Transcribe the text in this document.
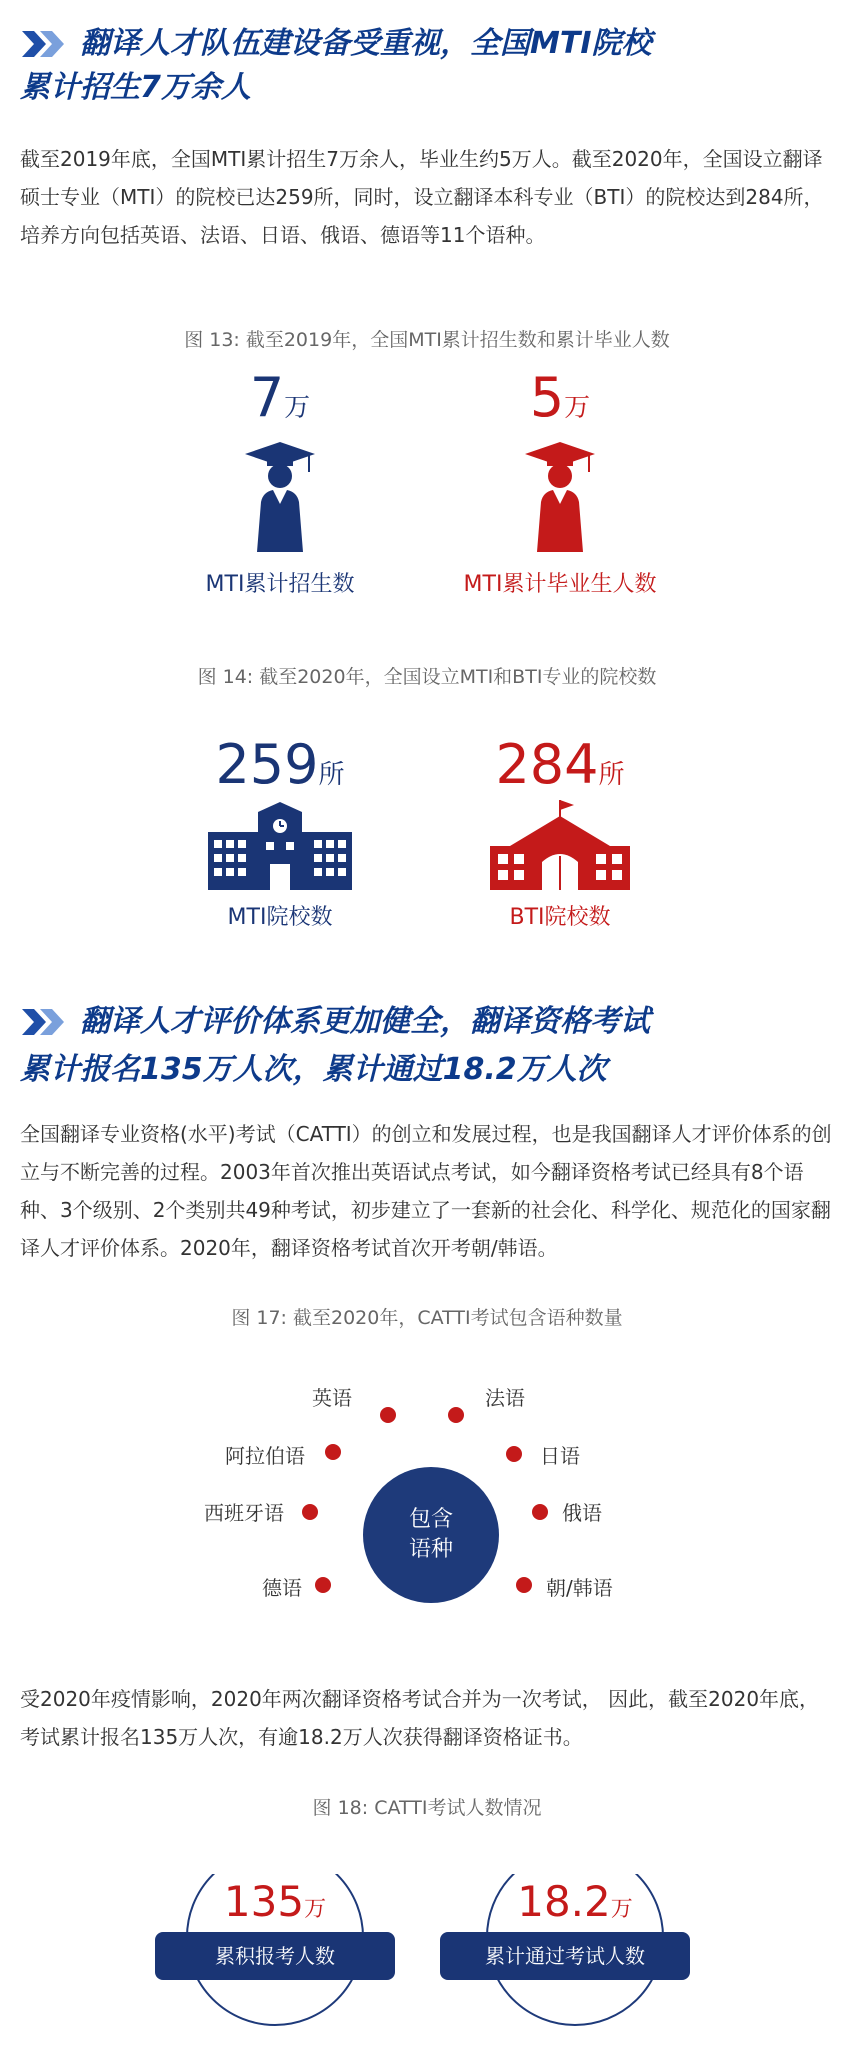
翻译人才队伍建设备受重视，全国MTI院校
累计招生7万余人
截至2019年底，全国MTI累计招生7万余人，毕业生约5万人。截至2020年，全国设立翻译硕士专业（MTI）的院校已达259所，同时，设立翻译本科专业（BTI）的院校达到284所，培养方向包括英语、法语、日语、俄语、德语等11个语种。
图 13: 截至2019年，全国MTI累计招生数和累计毕业人数
7万	5万
MTI累计招生数	MTI累计毕业生人数
图 14: 截至2020年，全国设立MTI和BTI专业的院校数
259所	284所
MTI院校数	BTI院校数
翻译人才评价体系更加健全，翻译资格考试
累计报名135万人次，累计通过18.2万人次
全国翻译专业资格(水平)考试（CATTI）的创立和发展过程，也是我国翻译人才评价体系的创立与不断完善的过程。2003年首次推出英语试点考试，如今翻译资格考试已经具有8个语种、3个级别、2个类别共49种考试，初步建立了一套新的社会化、科学化、规范化的国家翻译人才评价体系。2020年，翻译资格考试首次开考朝/韩语。
图 17: 截至2020年，CATTI考试包含语种数量
包含
语种
英语	法语
阿拉伯语	日语
西班牙语	俄语
德语	朝/韩语
受2020年疫情影响，2020年两次翻译资格考试合并为一次考试， 因此，截至2020年底，考试累计报名135万人次，有逾18.2万人次获得翻译资格证书。
图 18: CATTI考试人数情况
135万
累积报考人数
18.2万
累计通过考试人数
